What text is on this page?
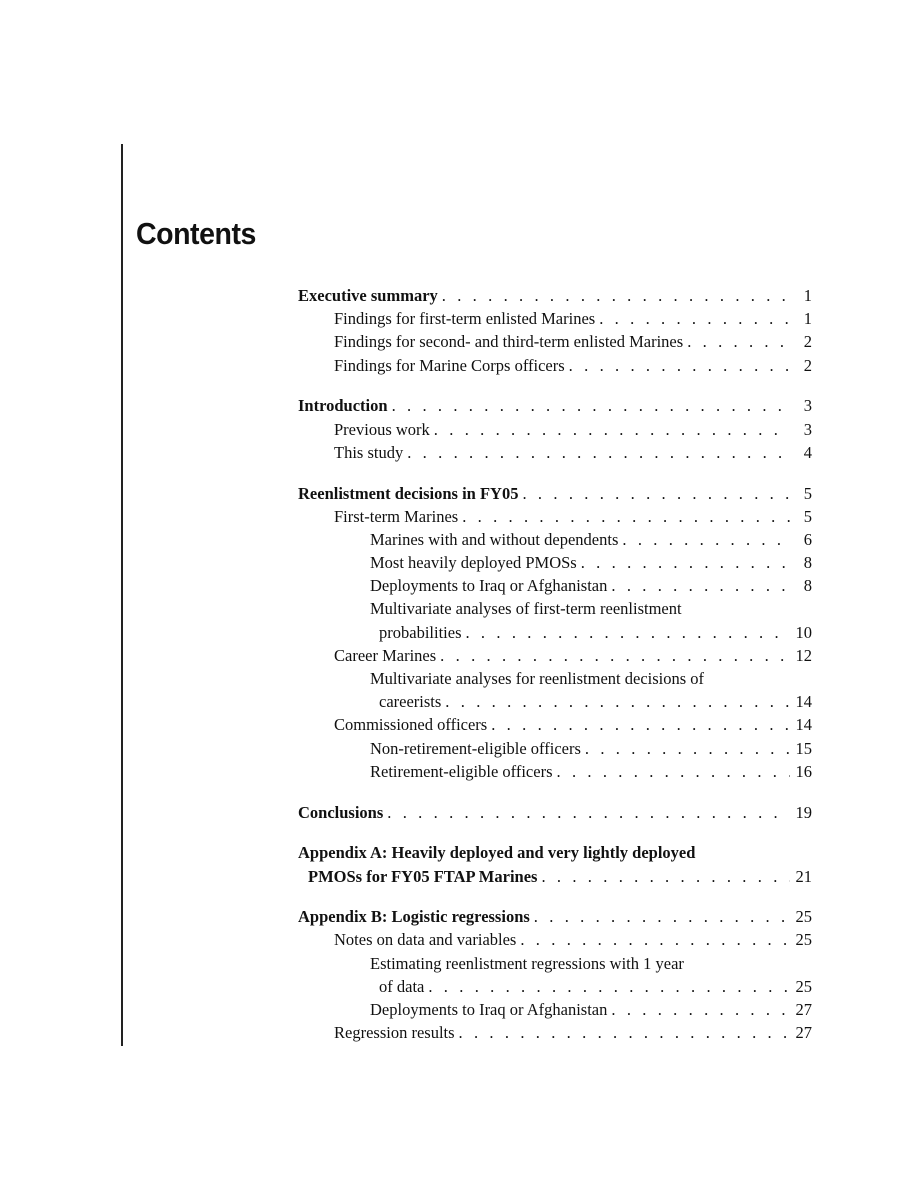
Contents
Executive summary . . .	1
Findings for first-term enlisted Marines . . .	1
Findings for second- and third-term enlisted Marines . . .	2
Findings for Marine Corps officers . . .	2
Introduction . . .	3
Previous work . . .	3
This study . . .	4
Reenlistment decisions in FY05 . . .	5
First-term Marines . . .	5
Marines with and without dependents . . .	6
Most heavily deployed PMOSs . . .	8
Deployments to Iraq or Afghanistan . . .	8
Multivariate analyses of first-term reenlistment
probabilities . . .	10
Career Marines . . .	12
Multivariate analyses for reenlistment decisions of
careerists . . .	14
Commissioned officers . . .	14
Non-retirement-eligible officers . . .	15
Retirement-eligible officers . . .	16
Conclusions . . .	19
Appendix A: Heavily deployed and very lightly deployed
PMOSs for FY05 FTAP Marines . . .	21
Appendix B: Logistic regressions . . .	25
Notes on data and variables . . .	25
Estimating reenlistment regressions with 1 year
of data . . .	25
Deployments to Iraq or Afghanistan . . .	27
Regression results . . .	27
